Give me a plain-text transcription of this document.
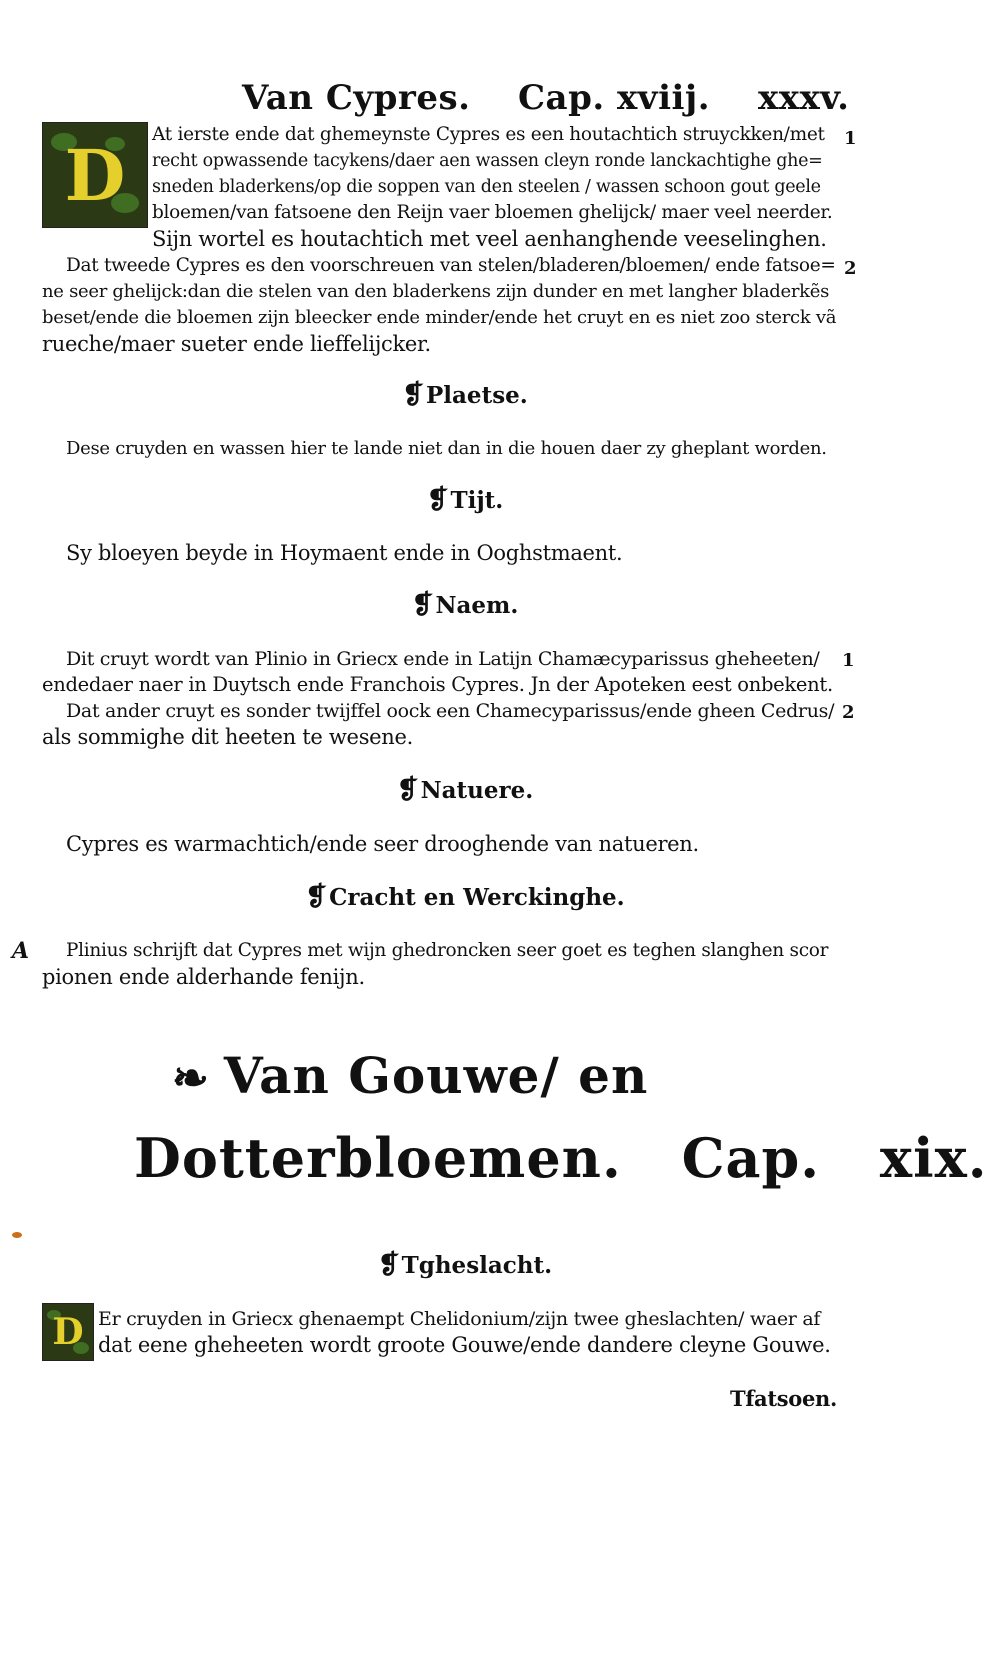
Van Cypres. Cap. xviij. xxxv.
D	At ierste ende dat ghemeynste Cypres es een houtachtich struyckken/met
recht opwassende tacykens/daer aen wassen cleyn ronde lanckachtighe ghe=
sneden bladerkens/op die soppen van den steelen / wassen schoon gout geele
bloemen/van fatsoene den Reijn vaer bloemen ghelijck/ maer veel neerder.
Sijn wortel es houtachtich met veel aenhanghende veeselinghen.
Dat tweede Cypres es den voorschreuen van stelen/bladeren/bloemen/ ende fatsoe=
ne seer ghelijck:dan die stelen van den bladerkens zijn dunder en met langher bladerkẽs
beset/ende die bloemen zijn bleecker ende minder/ende het cruyt en es niet zoo sterck vã
rueche/maer sueter ende lieffelijcker.
1
2
❡Plaetse.
Dese cruyden en wassen hier te lande niet dan in die houen daer zy gheplant worden.
❡Tijt.
Sy bloeyen beyde in Hoymaent ende in Ooghstmaent.
❡Naem.
Dit cruyt wordt van Plinio in Griecx ende in Latijn Chamæcyparissus gheheeten/
endedaer naer in Duytsch ende Franchois Cypres. Jn der Apoteken eest onbekent.
Dat ander cruyt es sonder twijffel oock een Chamecyparissus/ende gheen Cedrus/
als sommighe dit heeten te wesene.
1
2
❡Natuere.
Cypres es warmachtich/ende seer drooghende van natueren.
❡Cracht en Werckinghe.
A Plinius schrijft dat Cypres met wijn ghedroncken seer goet es teghen slanghen scor
pionen ende alderhande fenijn.
❧ Van Gouwe/ en
Dotterbloemen. Cap. xix.
❡Tgheslacht.
D Er cruyden in Griecx ghenaempt Chelidonium/zijn twee gheslachten/ waer af
dat eene gheheeten wordt groote Gouwe/ende dandere cleyne Gouwe.
Tfatsoen.
